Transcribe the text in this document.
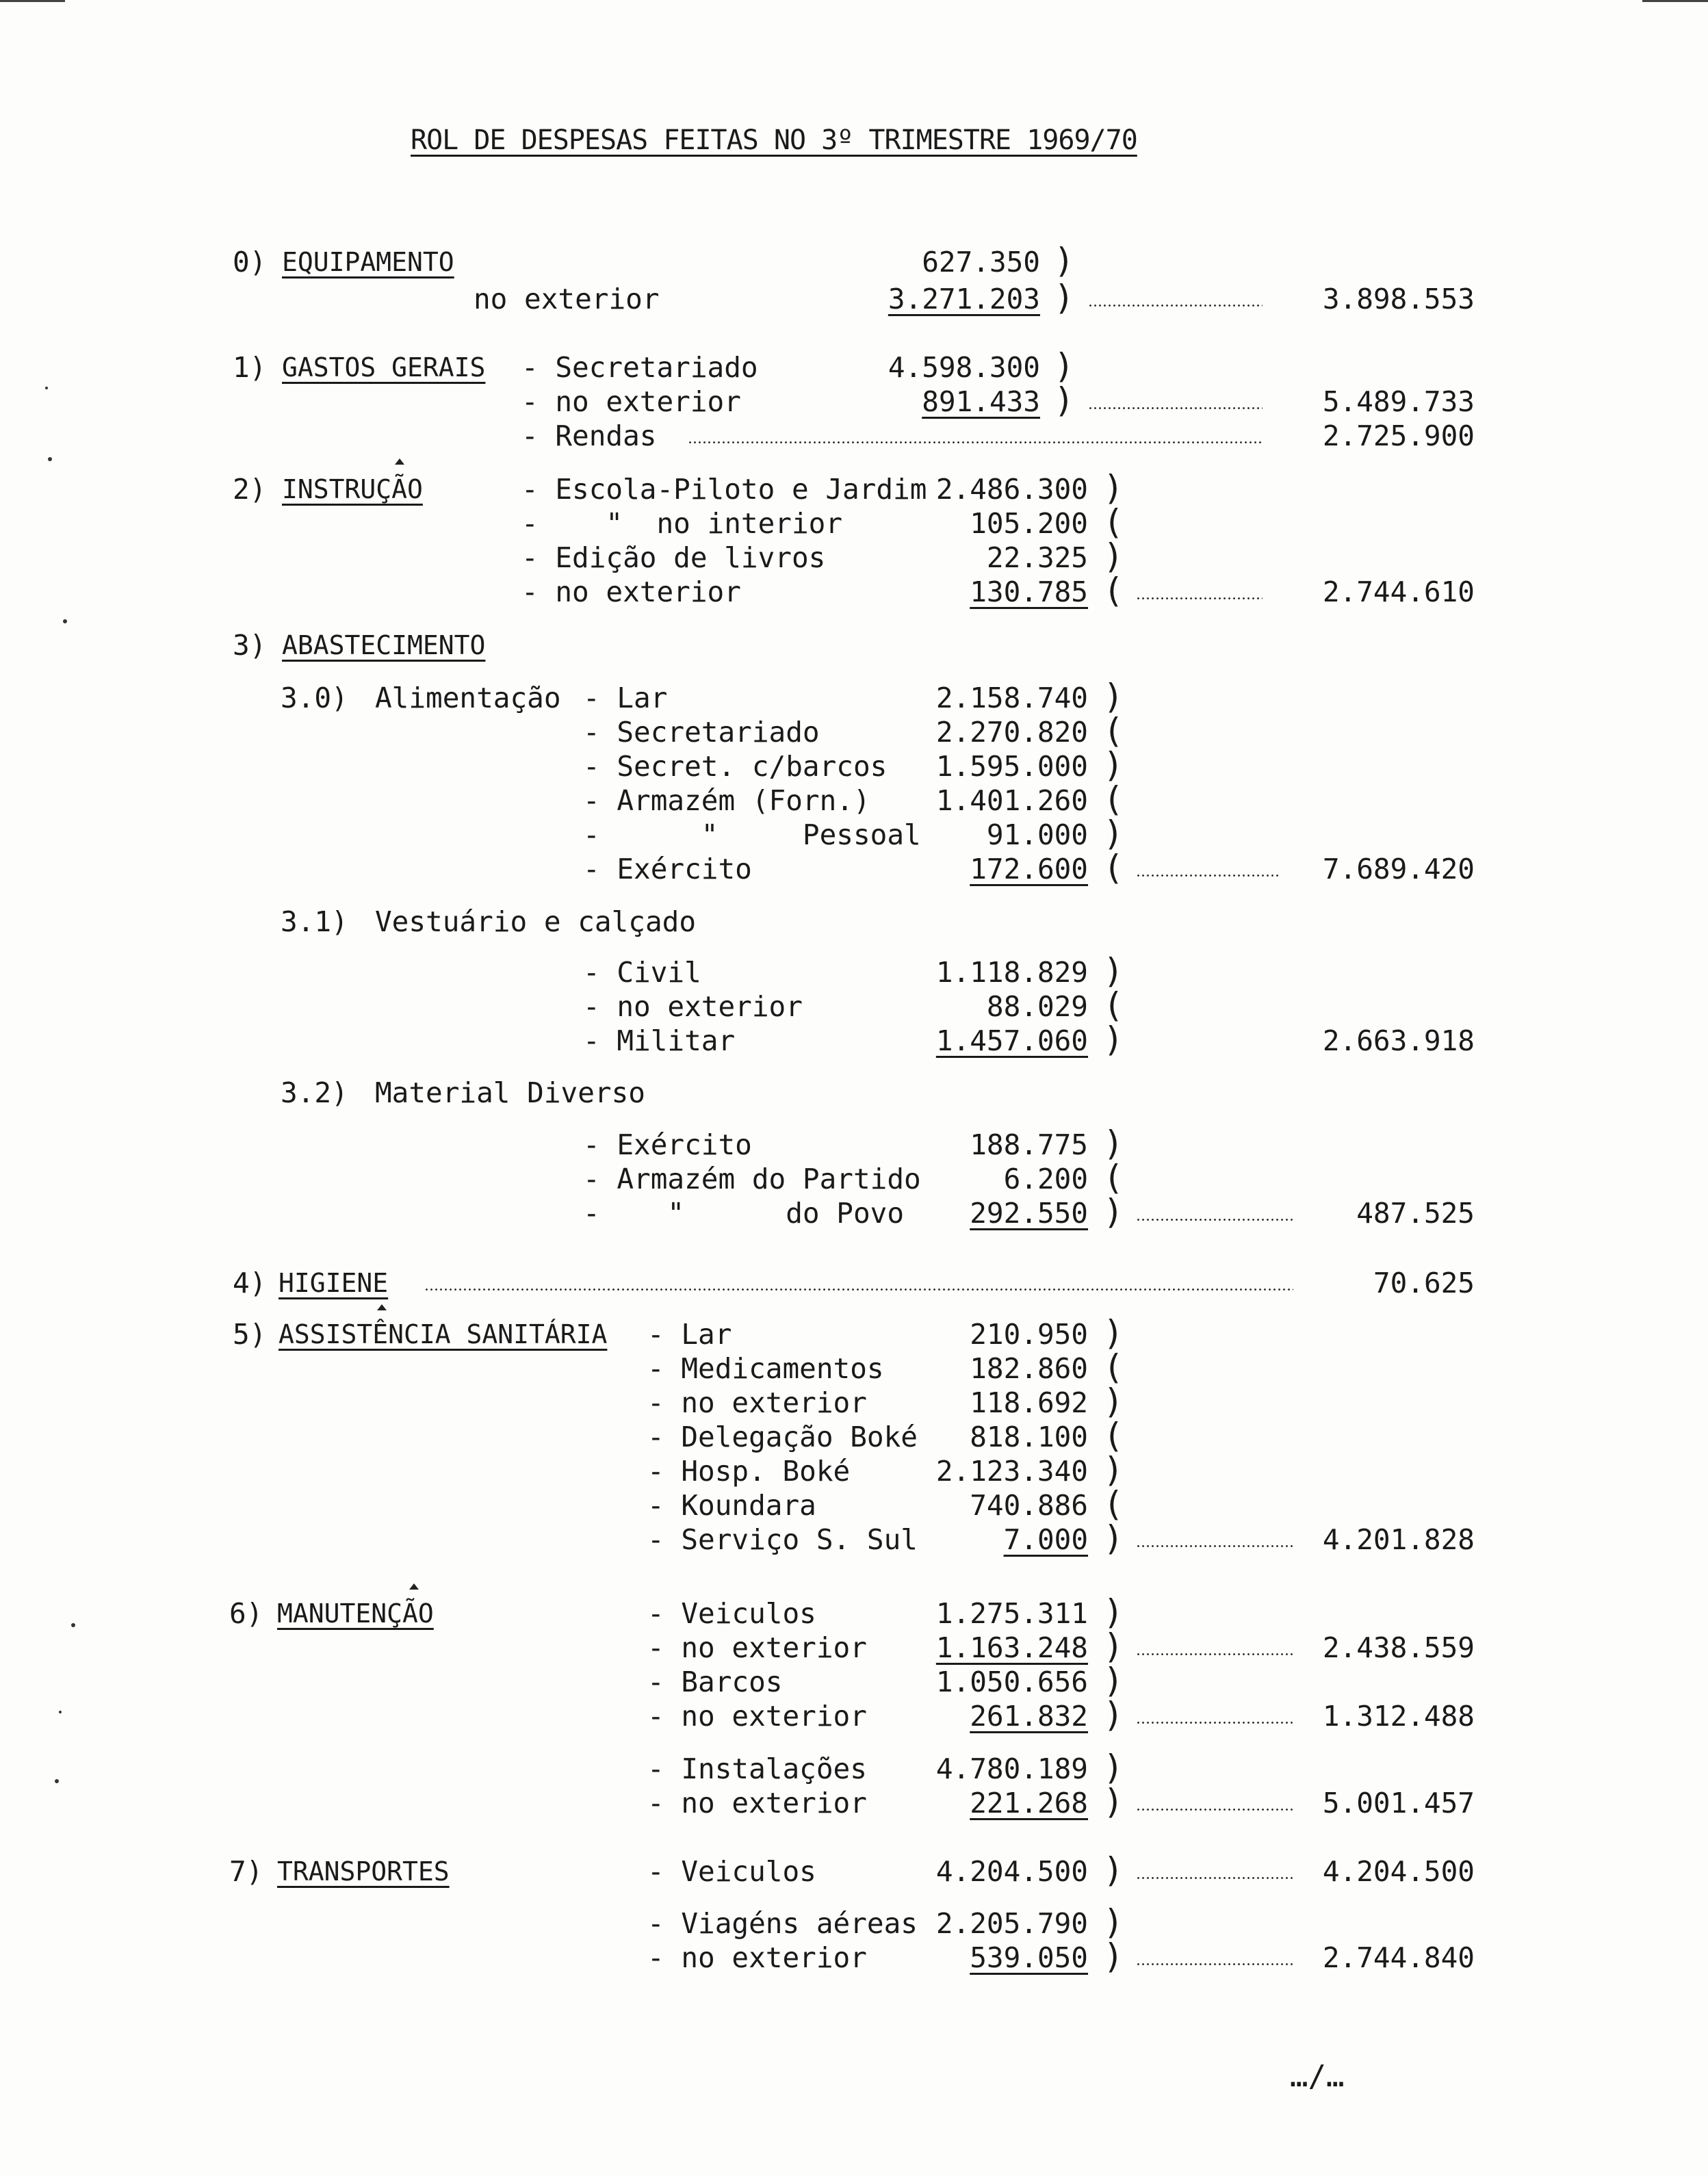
ROL DE DESPESAS FEITAS NO 3º TRIMESTRE 1969/70
0) EQUIPAMENTO	627.350 )
no exterior	3.271.203 )	3.898.553
1) GASTOS GERAIS - Secretariado	4.598.300 )
- no exterior	891.433 )	5.489.733
- Rendas	2.725.900
2) INSTRUÇÃO	- Escola-Piloto e Jardim 2.486.300 )
-    "  no interior	105.200 (
- Edição de livros	22.325 )
- no exterior	130.785 (	2.744.610
3) ABASTECIMENTO
3.0) Alimentação - Lar	2.158.740 )
- Secretariado	2.270.820 (
- Secret. c/barcos	1.595.000 )
- Armazém (Forn.)	1.401.260 (
-      "     Pessoal	91.000 )
- Exército	172.600 (	7.689.420
3.1) Vestuário e calçado
- Civil	1.118.829 )
- no exterior	88.029 (
- Militar	1.457.060 )	2.663.918
3.2) Material Diverso
- Exército	188.775 )
- Armazém do Partido	6.200 (
-    "      do Povo	292.550 )	487.525
4) HIGIENE	70.625
5) ASSISTÊNCIA SANITÁRIA - Lar	210.950 )
- Medicamentos	182.860 (
- no exterior	118.692 )
- Delegação Boké	818.100 (
- Hosp. Boké	2.123.340 )
- Koundara	740.886 (
- Serviço S. Sul	7.000 )	4.201.828
6) MANUTENÇÃO	- Veiculos	1.275.311 )
- no exterior	1.163.248 )	2.438.559
- Barcos	1.050.656 )
- no exterior	261.832 )	1.312.488
- Instalações	4.780.189 )
- no exterior	221.268 )	5.001.457
7) TRANSPORTES	- Veiculos	4.204.500 )	4.204.500
- Viagéns aéreas 2.205.790 )
- no exterior	539.050 )	2.744.840
…/…
